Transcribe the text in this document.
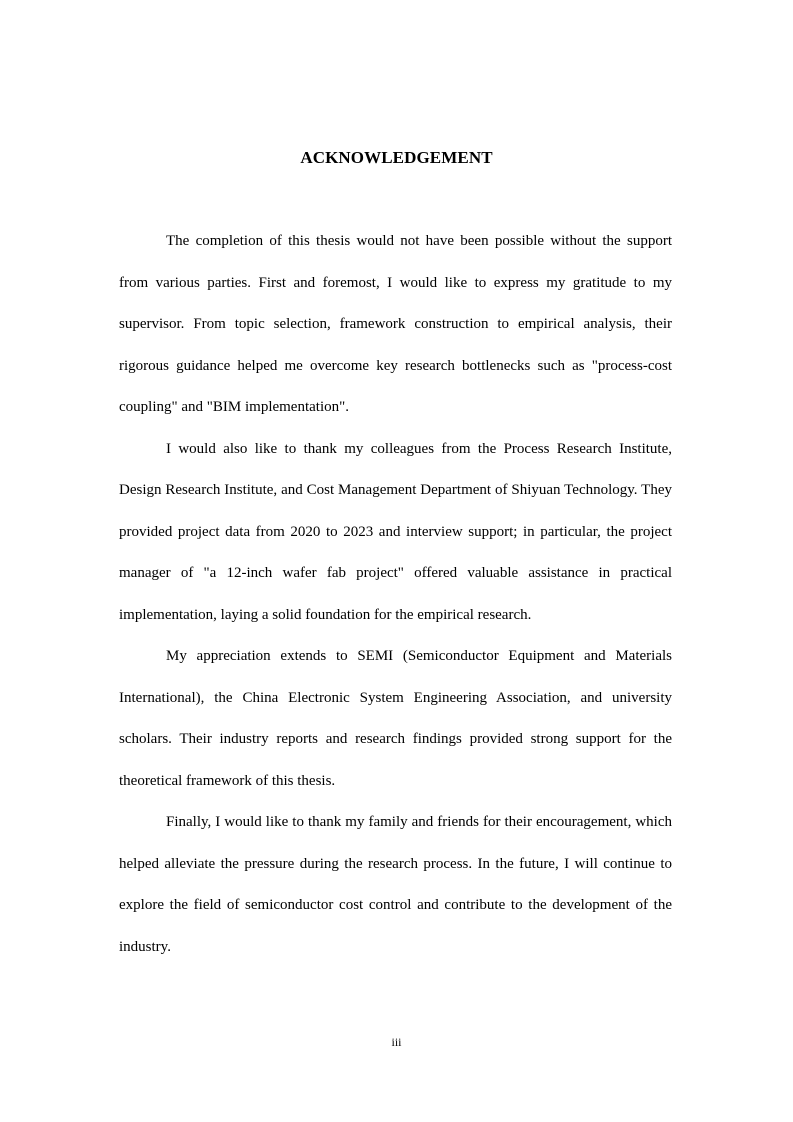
ACKNOWLEDGEMENT

The completion of this thesis would not have been possible without the support from various parties. First and foremost, I would like to express my gratitude to my supervisor. From topic selection, framework construction to empirical analysis, their rigorous guidance helped me overcome key research bottlenecks such as "process-cost coupling" and "BIM implementation".

I would also like to thank my colleagues from the Process Research Institute, Design Research Institute, and Cost Management Department of Shiyuan Technology. They provided project data from 2020 to 2023 and interview support; in particular, the project manager of "a 12-inch wafer fab project" offered valuable assistance in practical implementation, laying a solid foundation for the empirical research.

My appreciation extends to SEMI (Semiconductor Equipment and Materials International), the China Electronic System Engineering Association, and university scholars. Their industry reports and research findings provided strong support for the theoretical framework of this thesis.

Finally, I would like to thank my family and friends for their encouragement, which helped alleviate the pressure during the research process. In the future, I will continue to explore the field of semiconductor cost control and contribute to the development of the industry.

iii
